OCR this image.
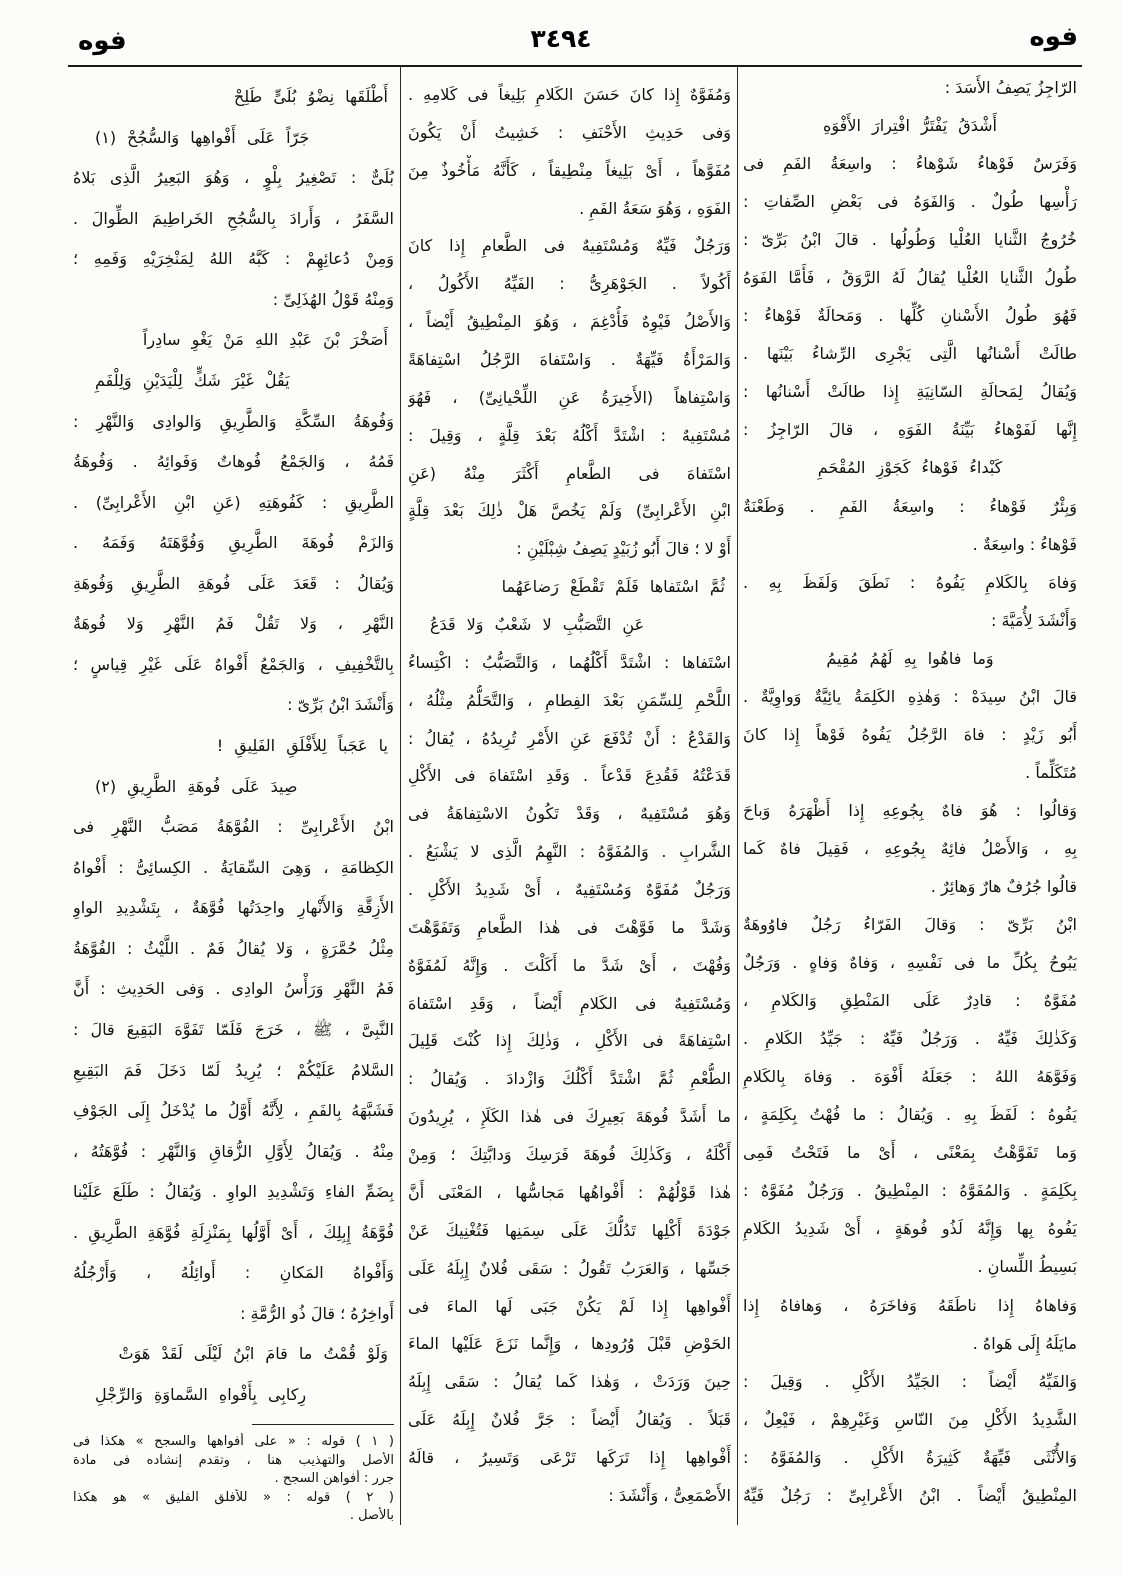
فوه
٣٤٩٤
فوه
الرّاجِزُ يَصِفُ الأَسَدَ :
أَشْدَقُ يَفْتَرُّ افْتِرارَ الأَفْوَهِ
وَفَرَسٌ فَوْهاءُ شَوْهاءُ : واسِعَةُ الفَمِ فى
رَأْسِها طُولٌ . وَالفَوَهُ فى بَعْضِ الصِّفاتِ :
خُرُوجُ الثَّنايا العُلْيا وَطُولُها . قالَ ابْنُ بَرِّىّ :
طُولُ الثَّنايا العُلْيا يُقالُ لَهُ الرَّوَقُ ، فَأَمَّا الفَوَهُ
فَهُوَ طُولُ الأَسْنانِ كُلِّها . وَمَحالَةٌ فَوْهاءُ :
طالَتْ أَسْنانُها الَّتِى يَجْرِى الرِّشاءُ بَيْنَها .
وَيُقالُ لِمَحالَةِ السّانِيَةِ إِذا طالَتْ أَسْنانُها :
إِنَّها لَفَوْهاءُ بَيِّنَةُ الفَوَهِ ، قالَ الرّاجِزُ :
كَبْداءُ فَوْهاءُ كَجَوْزِ المُقْحَمِ
وَبِئْرٌ فَوْهاءُ : واسِعَةُ الفَمِ . وَطَعْنَةٌ
فَوْهاءُ : واسِعَةٌ .
وَفاهَ بِالكَلامِ يَفُوهُ : نَطَقَ وَلَفَظَ بِهِ .
وَأَنْشَدَ لِأُمَيَّةَ :
وَما فاهُوا بِهِ لَهُمُ مُقِيمُ
قالَ ابْنُ سِيدَهْ : وَهٰذِهِ الكَلِمَةُ يائِيَّةٌ وَواوِيَّةٌ .
أَبُو زَيْدٍ : فاهَ الرَّجُلُ يَفُوهُ فَوْهاً إِذا كانَ
مُتَكَلِّماً .
وَقالُوا : هُوَ فاهٌ بِجُوعِهِ إِذا أَظْهَرَهُ وَباحَ
بِهِ ، وَالأَصْلُ فائِهٌ بِجُوعِهِ ، فَقِيلَ فاهٌ كَما
قالُوا جُرُفٌ هارٌ وَهائِرٌ .
ابْنُ بَرِّىّ : وَقالَ الفَرّاءُ رَجُلٌ فاوُوهَةٌ
يَبُوحُ بِكُلِّ ما فى نَفْسِهِ ، وَفاهٌ وَفاهٍ . وَرَجُلٌ
مُفَوَّهٌ : قادِرٌ عَلَى المَنْطِقِ وَالكَلامِ ،
وَكَذٰلِكَ فَيِّهٌ . وَرَجُلٌ فَيِّهٌ : جَيِّدُ الكَلامِ .
وَفَوَّهَهُ اللهُ : جَعَلَهُ أَفْوَهَ . وَفاهَ بِالكَلامِ
يَفُوهُ : لَفَظَ بِهِ . وَيُقالُ : ما فُهْتُ بِكَلِمَةٍ ،
وَما تَفَوَّهْتُ بِمَعْنًى ، أَىْ ما فَتَحْتُ فَمِى
بِكَلِمَةٍ . وَالمُفَوَّهُ : المِنْطِيقُ . وَرَجُلٌ مُفَوَّهٌ :
يَفُوهُ بِها وَإِنَّهُ لَذُو فُوهَةٍ ، أَىْ شَدِيدُ الكَلامِ
بَسِيطُ اللِّسانِ .
وَفاهاهُ إِذا ناطَقَهُ وَفاخَرَهُ ، وَهافاهُ إِذا
مايَلَهُ إِلَى هَواهُ .
وَالفَيِّهُ أَيْضاً : الجَيِّدُ الأَكْلِ . وَقِيلَ :
الشَّدِيدُ الأَكْلِ مِنَ النّاسِ وَغَيْرِهِمْ ، فَيْعِلٌ ،
وَالأُنْثَى فَيِّهَةٌ كَثِيرَةُ الأَكْلِ . وَالمُفَوَّهُ :
المِنْطِيقُ أَيْضاً . ابْنُ الأَعْرابِىِّ : رَجُلٌ فَيِّهٌ
وَمُفَوَّهٌ إِذا كانَ حَسَنَ الكَلامِ بَلِيغاً فى كَلامِهِ .
وَفى حَدِيثِ الأَحْنَفِ : خَشِيتُ أَنْ يَكُونَ
مُفَوَّهاً ، أَىْ بَلِيغاً مِنْطِيقاً ، كَأَنَّهُ مَأْخُوذٌ مِنَ
الفَوَهِ ، وَهُوَ سَعَةُ الفَمِ .
وَرَجُلٌ فَيِّهٌ وَمُسْتَفِيهٌ فى الطَّعامِ إِذا كانَ
أَكُولاً . الجَوْهَرِىُّ : الفَيِّهُ الأَكُولُ ،
وَالأَصْلُ فَيْوِهٌ فَأُدْغِمَ ، وَهُوَ المِنْطِيقُ أَيْضاً ،
وَالمَرْأَةُ فَيِّهَةٌ . وَاسْتَفاهَ الرَّجُلُ اسْتِفاهَةً
وَاسْتِفاهاً (الأَخِيرَةُ عَنِ اللِّحْيانِىِّ) ، فَهُوَ
مُسْتَفِيهٌ : اشْتَدَّ أَكْلُهُ بَعْدَ قِلَّةٍ ، وَقِيلَ :
اسْتَفاهَ فى الطَّعامِ أَكْثَرَ مِنْهُ (عَنِ
ابْنِ الأَعْرابِىِّ) وَلَمْ يَخُصَّ هَلْ ذٰلِكَ بَعْدَ قِلَّةٍ
أَوْ لا ؛ قالَ أَبُو زُبَيْدٍ يَصِفُ شِبْلَيْنِ :
ثُمَّ اسْتَفاها فَلَمْ تَقْطَعْ رَضاعَهُما
عَنِ التَّصَبُّبِ لا شَعْبٌ وَلا قَدَعُ
اسْتَفاها : اشْتَدَّ أَكْلُهُما ، وَالتَّصَبُّبُ : اكْتِساءُ
اللَّحْمِ لِلسِّمَنِ بَعْدَ الفِطامِ ، وَالتَّحَلُّمُ مِثْلُهُ ،
وَالقَدْعُ : أَنْ تُدْفَعَ عَنِ الأَمْرِ تُرِيدُهُ ، يُقالُ :
قَدَعْتُهُ فَقُدِعَ قَدْعاً . وَقَدِ اسْتَفاهَ فى الأَكْلِ
وَهُوَ مُسْتَفِيهٌ ، وَقَدْ تَكُونُ الاسْتِفاهَةُ فى
الشَّرابِ . وَالمُفَوَّهُ : النَّهِمُ الَّذِى لا يَشْبَعُ .
وَرَجُلٌ مُفَوَّهٌ وَمُسْتَفِيهٌ ، أَىْ شَدِيدُ الأَكْلِ .
وَشَدَّ ما فَوَّهْتَ فى هٰذا الطَّعامِ وَتَفَوَّهْتَ
وَفُهْتَ ، أَىْ شَدَّ ما أَكَلْتَ . وَإِنَّهُ لَمُفَوَّهٌ
وَمُسْتَفِيهٌ فى الكَلامِ أَيْضاً ، وَقَدِ اسْتَفاهَ
اسْتِفاهَةً فى الأَكْلِ ، وَذٰلِكَ إِذا كُنْتَ قَلِيلَ
الطُّعْمِ ثُمَّ اشْتَدَّ أَكْلُكَ وَازْدادَ . وَيُقالُ :
ما أَشَدَّ فُوهَةَ بَعِيرِكَ فى هٰذا الكَلَإِ ، يُرِيدُونَ
أَكْلَهُ ، وَكَذٰلِكَ فُوهَةَ فَرَسِكَ وَدابَّتِكَ ؛ وَمِنْ
هٰذا قَوْلُهُمْ : أَفْواهُها مَجاسُّها ، المَعْنَى أَنَّ
جَوْدَةَ أَكْلِها تَدُلُّكَ عَلَى سِمَنِها فَتُغْنِيكَ عَنْ
جَسِّها ، وَالعَرَبُ تَقُولُ : سَقَى فُلانٌ إِبِلَهُ عَلَى
أَفْواهِها إِذا لَمْ يَكُنْ جَبَى لَها الماءَ فى
الحَوْضِ قَبْلَ وُرُودِها ، وَإِنَّما نَزَعَ عَلَيْها الماءَ
حِينَ وَرَدَتْ ، وَهٰذا كَما يُقالُ : سَقَى إِبِلَهُ
قَبَلاً . وَيُقالُ أَيْضاً : جَرَّ فُلانٌ إِبِلَهُ عَلَى
أَفْواهِها إِذا تَرَكَها تَرْعَى وَتَسِيرُ ، قالَهُ
الأَصْمَعِىُّ ، وَأَنْشَدَ :
أَطْلَقَها نِضْوُ بُلَىٍّ طَلِحْ
جَرّاً عَلَى أَفْواهِها وَالسُّجُحْ (١)
بُلَىٌّ : تَصْغِيرُ بِلْوٍ ، وَهُوَ البَعِيرُ الَّذِى بَلاهُ
السَّفَرُ ، وَأَرادَ بِالسُّجُحِ الخَراطِيمَ الطِّوالَ .
وَمِنْ دُعائِهِمْ : كَبَّهُ اللهُ لِمَنْخِرَيْهِ وَفَمِهِ ؛
وَمِنْهُ قَوْلُ الهُذَلِىِّ :
أَصَخْرَ بْنَ عَبْدِ اللهِ مَنْ يَغْوِ سادِراً
يَقُلْ غَيْرَ شَكٍّ لِلْيَدَيْنِ وَلِلْفَمِ
وَفُوهَةُ السِّكَّةِ وَالطَّرِيقِ وَالوادِى وَالنَّهْرِ :
فَمُهُ ، وَالجَمْعُ فُوهاتٌ وَفَوائِهُ . وَفُوهَةُ
الطَّرِيقِ : كَفُوهَتِهِ (عَنِ ابْنِ الأَعْرابِىِّ) .
وَالزَمْ فُوهَةَ الطَّرِيقِ وَفُوَّهَتَهُ وَفَمَهُ .
وَيُقالُ : قَعَدَ عَلَى فُوهَةِ الطَّرِيقِ وَفُوهَةِ
النَّهْرِ ، وَلا تَقُلْ فَمُ النَّهْرِ وَلا فُوهَةٌ
بِالتَّخْفِيفِ ، وَالجَمْعُ أَفْواهٌ عَلَى غَيْرِ قِياسٍ ؛
وَأَنْشَدَ ابْنُ بَرِّىّ :
يا عَجَباً لِلأَفْلَقِ الفَلِيقِ !
صِيدَ عَلَى فُوهَةِ الطَّرِيقِ (٢)
ابْنُ الأَعْرابِىِّ : الفُوَّهَةُ مَصَبُّ النَّهْرِ فى
الكِظامَةِ ، وَهِىَ السِّقايَةُ . الكِسائِىُّ : أَفْواهُ
الأَزِقَّةِ وَالأَنْهارِ واحِدَتُها فُوَّهَةٌ ، بِتَشْدِيدِ الواوِ
مِثْلُ حُمَّرَةٍ ، وَلا يُقالُ فَمٌ . اللَّيْثُ : الفُوَّهَةُ
فَمُ النَّهْرِ وَرَأْسُ الوادِى . وَفى الحَدِيثِ : أَنَّ
النَّبِىَّ ، ﷺ ، خَرَجَ فَلَمّا تَفَوَّهَ البَقِيعَ قالَ :
السَّلامُ عَلَيْكُمْ ؛ يُرِيدُ لَمّا دَخَلَ فَمَ البَقِيعِ
فَشَبَّهَهُ بِالفَمِ ، لِأَنَّهُ أَوَّلُ ما يُدْخَلُ إِلَى الجَوْفِ
مِنْهُ . وَيُقالُ لِأَوَّلِ الزُّقاقِ وَالنَّهْرِ : فُوَّهَتُهُ ،
بِضَمِّ الفاءِ وَتَشْدِيدِ الواوِ . وَيُقالُ : طَلَعَ عَلَيْنا
فُوَّهَةُ إِبِلِكَ ، أَىْ أَوَّلُها بِمَنْزِلَةِ فُوَّهَةِ الطَّرِيقِ .
وَأَفْواهُ المَكانِ : أَوائِلُهُ ، وَأَرْجُلُهُ
أَواخِرُهُ ؛ قالَ ذُو الرُّمَّةِ :
وَلَوْ قُمْتُ ما قامَ ابْنُ لَيْلَى لَقَدْ هَوَتْ
رِكابِى بِأَفْواهِ السَّماوَةِ وَالرِّجْلِ
( ١ ) قوله : « على أفواهها والسجح » هكذا فى
الأصل والتهذيب هنا ، وتقدم إنشاده فى مادة
جرر : أفواهن السجح .
( ٢ ) قوله : « للأفلق الفليق » هو هكذا
بالأصل .
